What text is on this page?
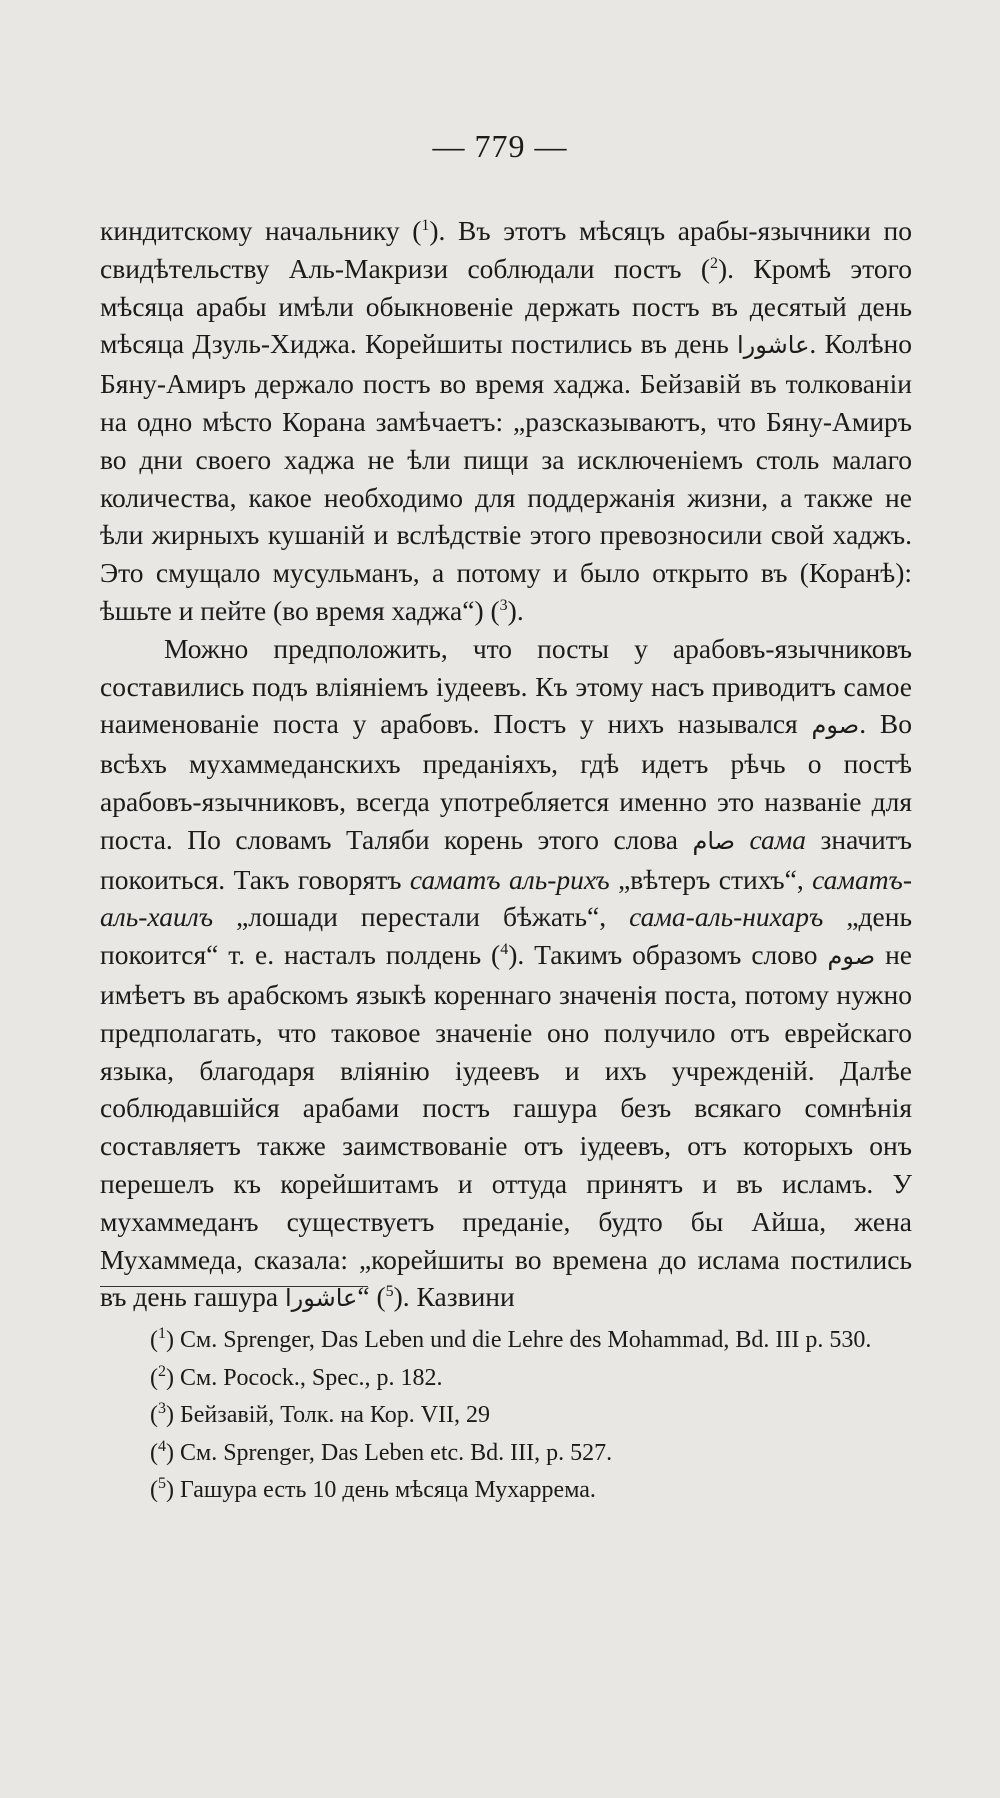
— 779 —

киндитскому начальнику ($^1$). Въ этотъ мѣсяцъ арабы-язычники по свидѣтельству Аль-Макризи соблюдали постъ ($^2$). Кромѣ этого мѣсяца арабы имѣли обыкновеніе держать постъ въ десятый день мѣсяца Дзуль-Хиджа. Корейшиты постились въ день عاشورا. Колѣно Бяну-Амиръ держало постъ во время хаджа. Бейзавій въ толкованіи на одно мѣсто Корана замѣчаетъ: „разсказываютъ, что Бяну-Амиръ во дни своего хаджа не ѣли пищи за исключеніемъ столь малаго количества, какое необходимо для поддержанія жизни, а также не ѣли жирныхъ кушаній и вслѣдствіе этого превозносили свой хаджъ. Это смущало мусульманъ, а потому и было открыто въ (Коранѣ): ѣшьте и пейте (во время хаджа“) ($^3$).

Можно предположить, что посты у арабовъ-язычниковъ составились подъ вліяніемъ іудеевъ. Къ этому насъ приводитъ самое наименованіе поста у арабовъ. Постъ у нихъ назывался صوم. Во всѣхъ мухаммеданскихъ преданіяхъ, гдѣ идетъ рѣчь о постѣ арабовъ-язычниковъ, всегда употребляется именно это названіе для поста. По словамъ Таляби корень этого слова صام сама значитъ покоиться. Такъ говорятъ саматъ аль-рихъ „вѣтеръ стихъ“, саматъ-аль-хаилъ „лошади перестали бѣжать“, сама-аль-нихаръ „день покоится“ т. е. насталъ полдень ($^4$). Такимъ образомъ слово صوم не имѣетъ въ арабскомъ языкѣ кореннаго значенія поста, потому нужно предполагать, что таковое значеніе оно получило отъ еврейскаго языка, благодаря вліянію іудеевъ и ихъ учрежденій. Далѣе соблюдавшійся арабами постъ гашура безъ всякаго сомнѣнія составляетъ также заимствованіе отъ іудеевъ, отъ которыхъ онъ перешелъ къ корейшитамъ и оттуда принятъ и въ исламъ. У мухаммеданъ существуетъ преданіе, будто бы Айша, жена Мухаммеда, сказала: „корейшиты во времена до ислама постились въ день гашура عاشورا“ ($^5$). Казвини

($^1$) См. Sprenger, Das Leben und die Lehre des Mohammad, Bd. III p. 530.
($^2$) См. Pocock., Spec., p. 182.
($^3$) Бейзавій, Толк. на Кор. VII, 29
($^4$) См. Sprenger, Das Leben etc. Bd. III, p. 527.
($^5$) Гашура есть 10 день мѣсяца Мухаррема.
